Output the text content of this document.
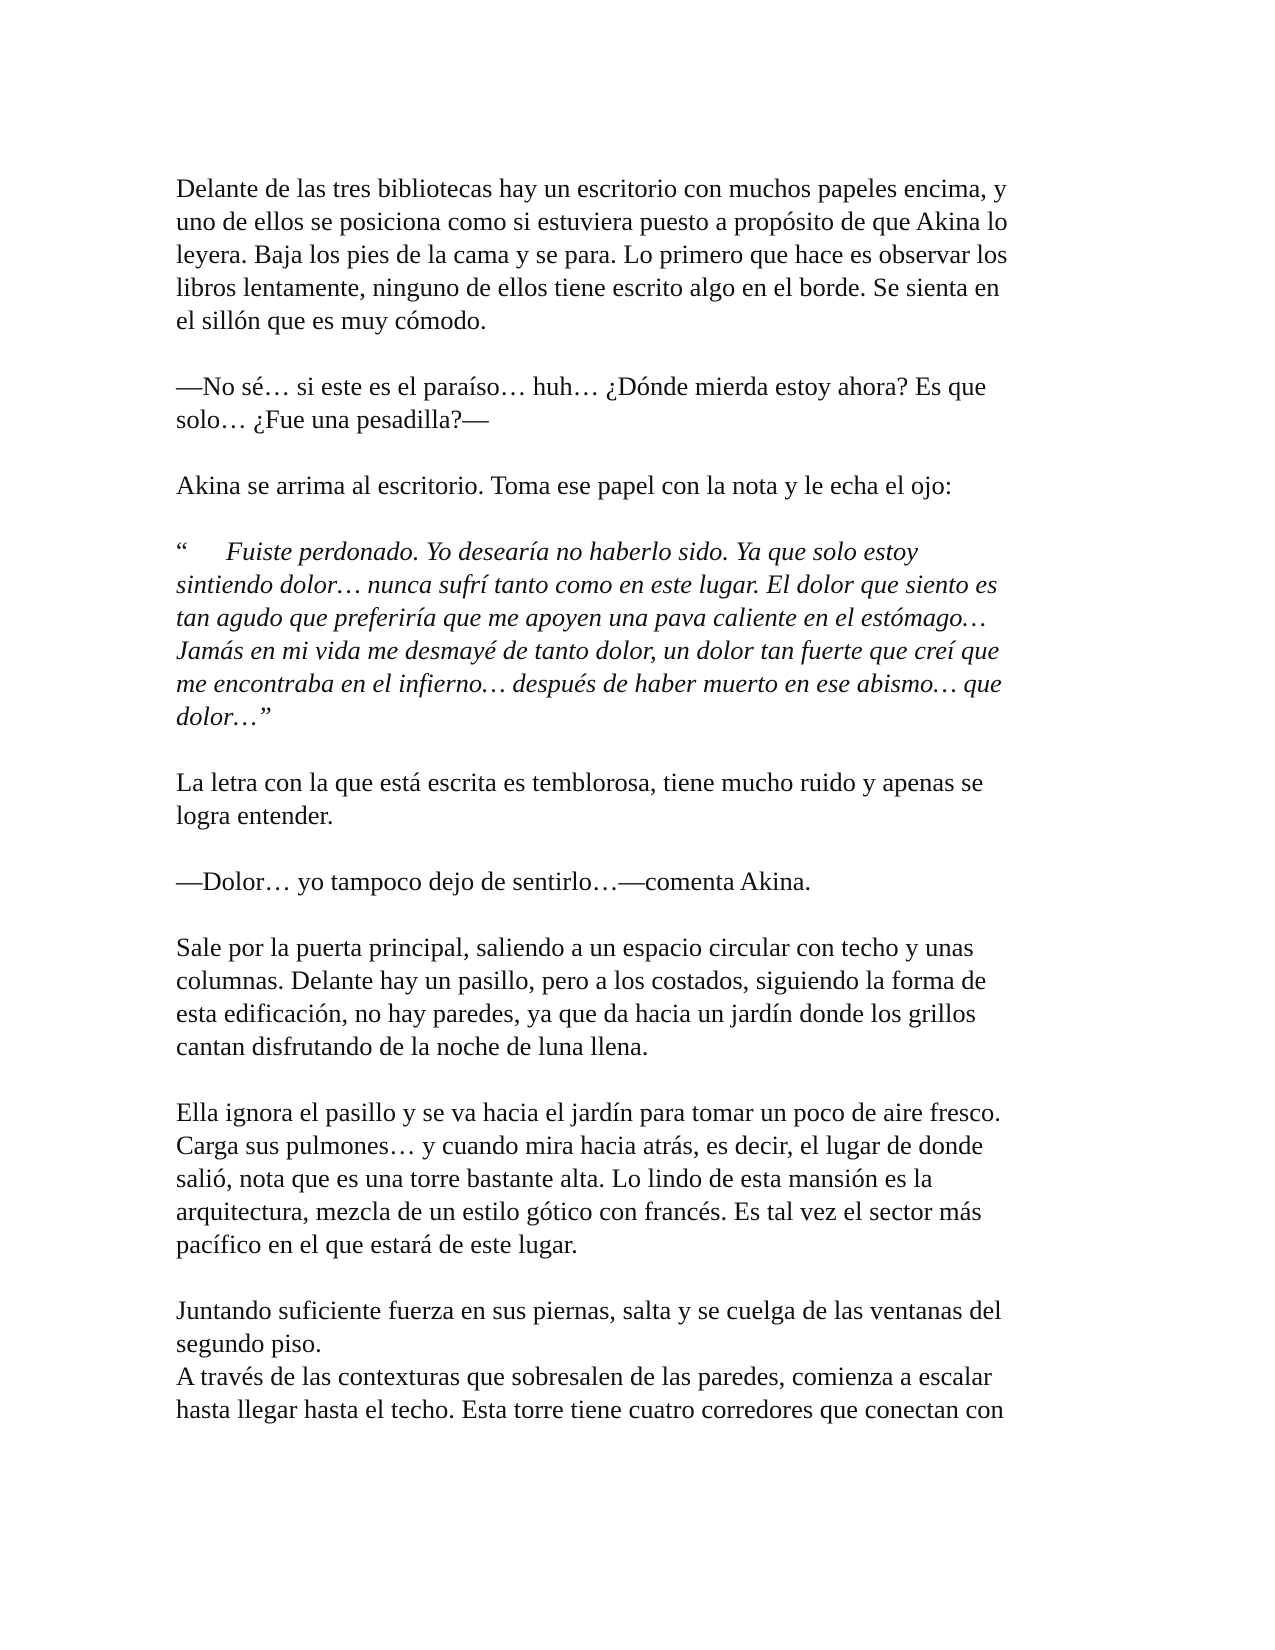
Delante de las tres bibliotecas hay un escritorio con muchos papeles encima, y
uno de ellos se posiciona como si estuviera puesto a propósito de que Akina lo
leyera. Baja los pies de la cama y se para. Lo primero que hace es observar los
libros lentamente, ninguno de ellos tiene escrito algo en el borde. Se sienta en
el sillón que es muy cómodo.
—No sé… si este es el paraíso… huh… ¿Dónde mierda estoy ahora? Es que
solo… ¿Fue una pesadilla?—
Akina se arrima al escritorio. Toma ese papel con la nota y le echa el ojo:
“ Fuiste perdonado. Yo desearía no haberlo sido. Ya que solo estoy
sintiendo dolor… nunca sufrí tanto como en este lugar. El dolor que siento es
tan agudo que preferiría que me apoyen una pava caliente en el estómago…
Jamás en mi vida me desmayé de tanto dolor, un dolor tan fuerte que creí que
me encontraba en el infierno… después de haber muerto en ese abismo… que
dolor…”
La letra con la que está escrita es temblorosa, tiene mucho ruido y apenas se
logra entender.
—Dolor… yo tampoco dejo de sentirlo…—comenta Akina.
Sale por la puerta principal, saliendo a un espacio circular con techo y unas
columnas. Delante hay un pasillo, pero a los costados, siguiendo la forma de
esta edificación, no hay paredes, ya que da hacia un jardín donde los grillos
cantan disfrutando de la noche de luna llena.
Ella ignora el pasillo y se va hacia el jardín para tomar un poco de aire fresco.
Carga sus pulmones… y cuando mira hacia atrás, es decir, el lugar de donde
salió, nota que es una torre bastante alta. Lo lindo de esta mansión es la
arquitectura, mezcla de un estilo gótico con francés. Es tal vez el sector más
pacífico en el que estará de este lugar.
Juntando suficiente fuerza en sus piernas, salta y se cuelga de las ventanas del
segundo piso.
A través de las contexturas que sobresalen de las paredes, comienza a escalar
hasta llegar hasta el techo. Esta torre tiene cuatro corredores que conectan con
